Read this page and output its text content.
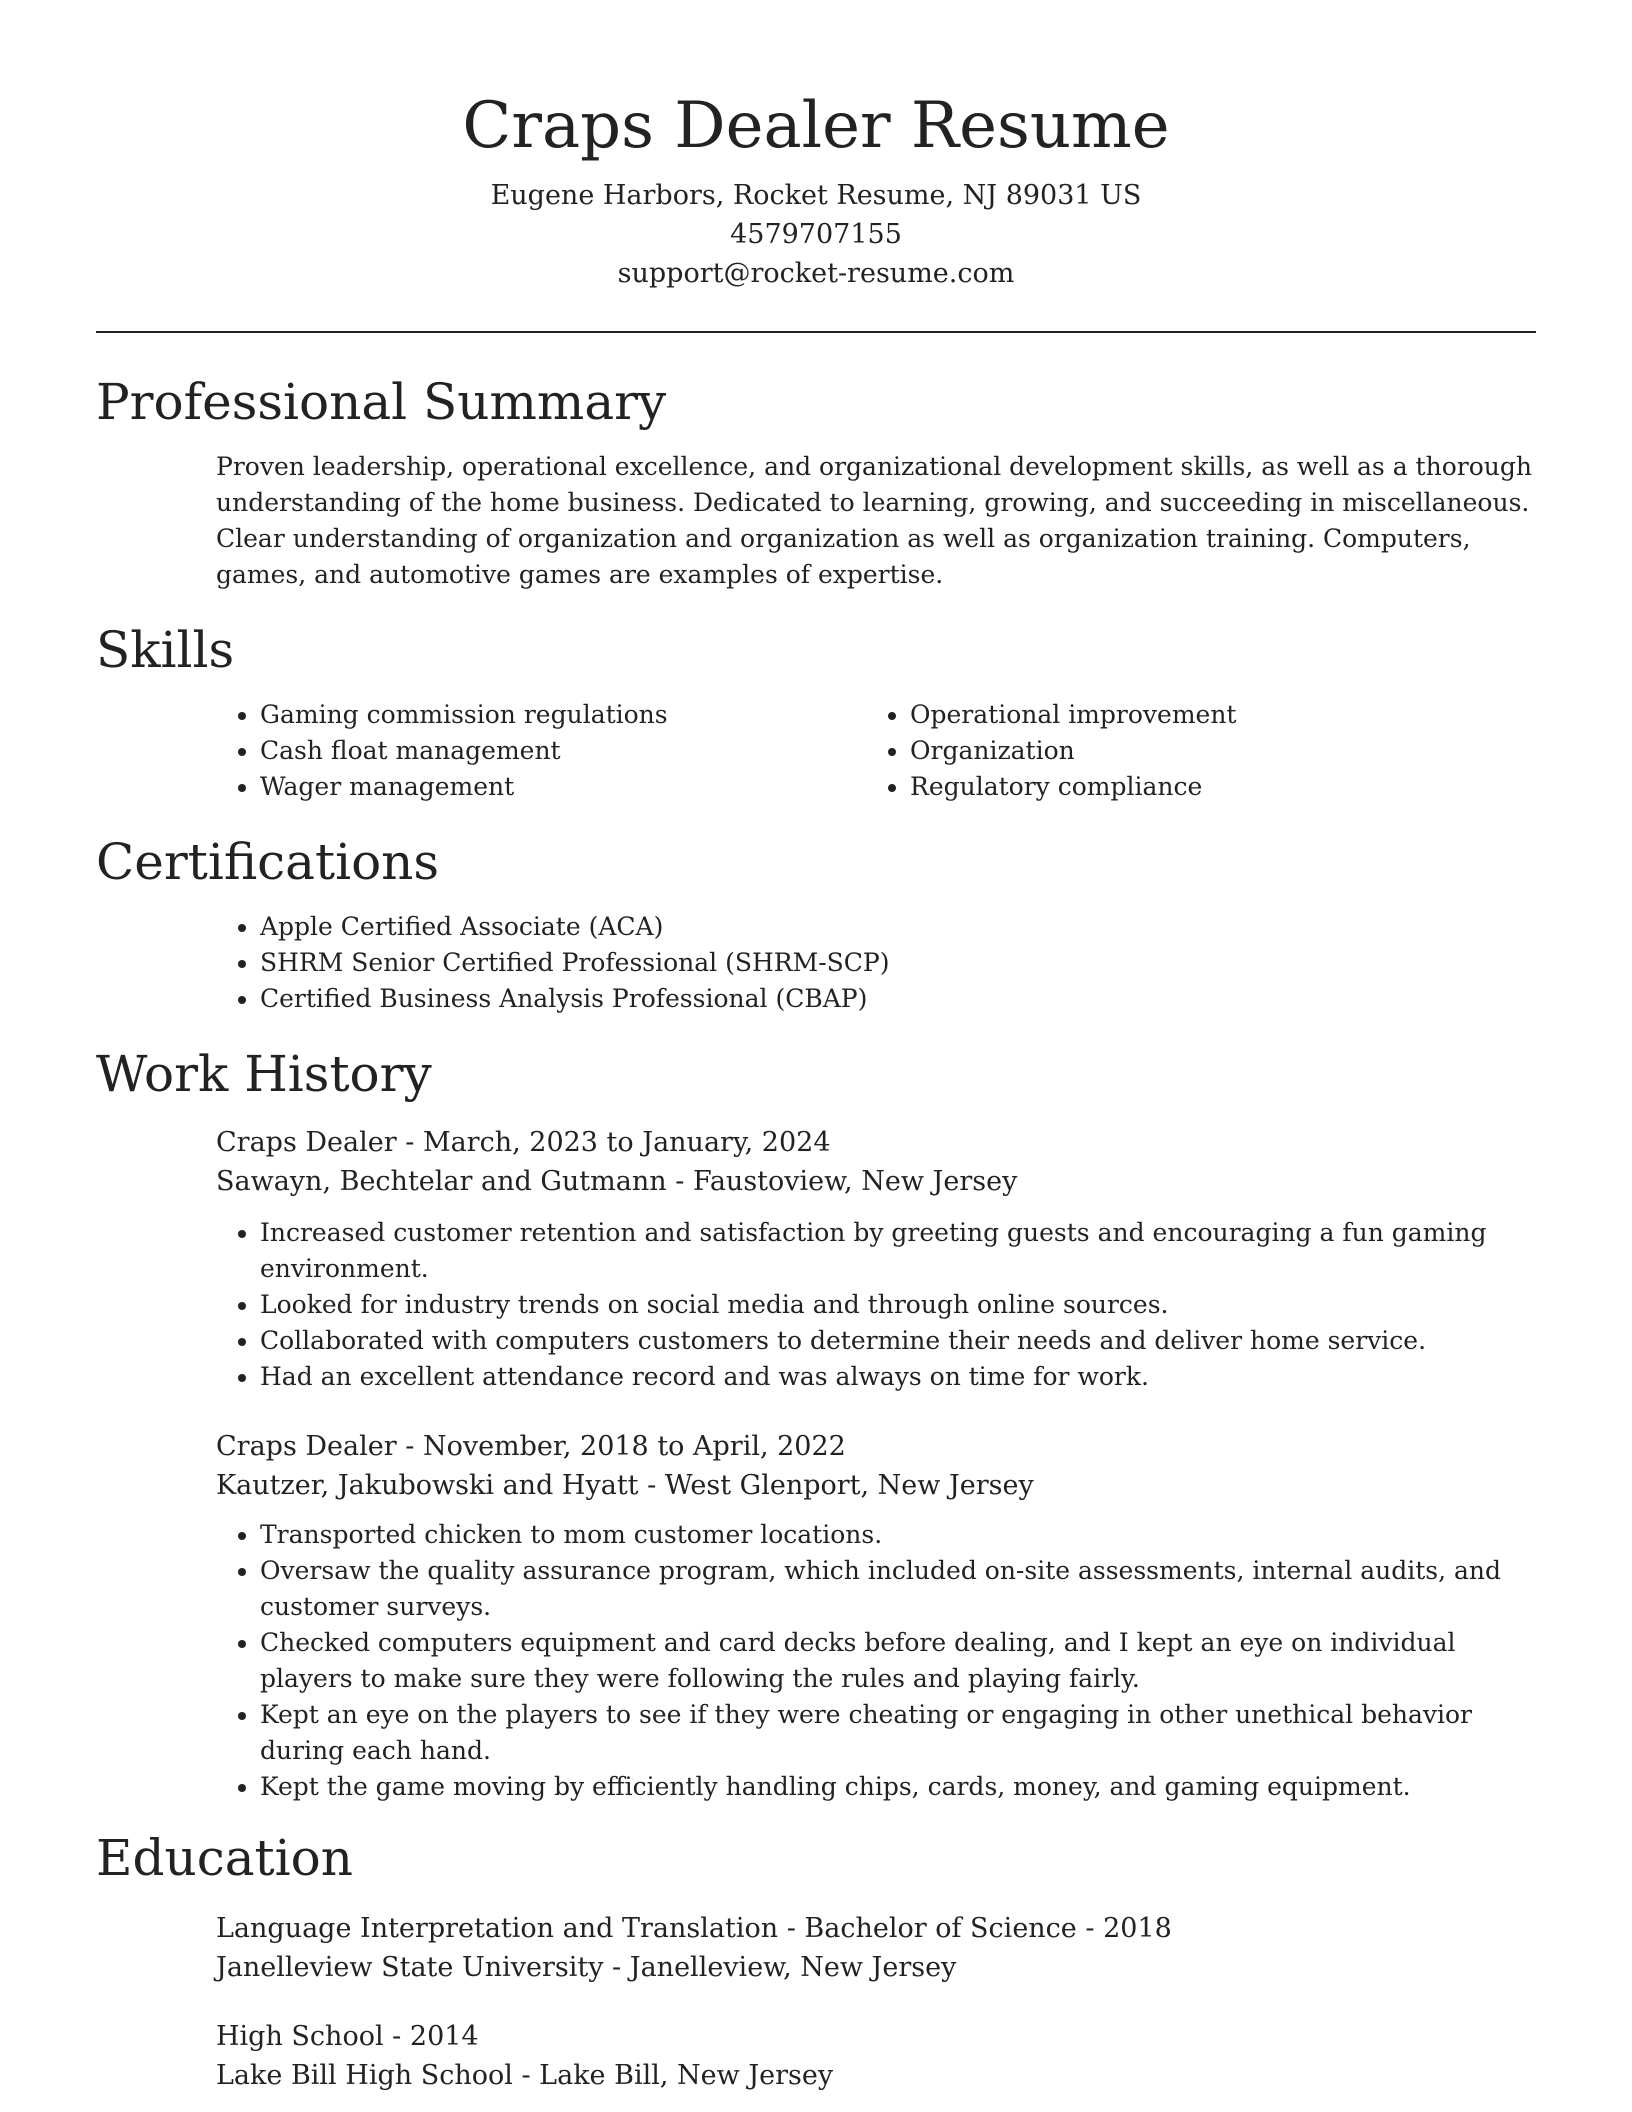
Craps Dealer Resume

Eugene Harbors, Rocket Resume, NJ 89031 US

4579707155

support@rocket-resume.com

Professional Summary

Proven leadership, operational excellence, and organizational development skills, as well as a thorough understanding of the home business. Dedicated to learning, growing, and succeeding in miscellaneous. Clear understanding of organization and organization as well as organization training. Computers, games, and automotive games are examples of expertise.

Skills
• Gaming commission regulations
• Cash float management
• Wager management
• Operational improvement
• Organization
• Regulatory compliance
Certifications
• Apple Certified Associate (ACA)
• SHRM Senior Certified Professional (SHRM-SCP)
• Certified Business Analysis Professional (CBAP)
Work History

Craps Dealer - March, 2023 to January, 2024

Sawayn, Bechtelar and Gutmann - Faustoview, New Jersey

• Increased customer retention and satisfaction by greeting guests and encouraging a fun gaming environment.
• Looked for industry trends on social media and through online sources.
• Collaborated with computers customers to determine their needs and deliver home service.
• Had an excellent attendance record and was always on time for work.

Craps Dealer - November, 2018 to April, 2022

Kautzer, Jakubowski and Hyatt - West Glenport, New Jersey

• Transported chicken to mom customer locations.
• Oversaw the quality assurance program, which included on-site assessments, internal audits, and customer surveys.
• Checked computers equipment and card decks before dealing, and I kept an eye on individual players to make sure they were following the rules and playing fairly.
• Kept an eye on the players to see if they were cheating or engaging in other unethical behavior during each hand.
• Kept the game moving by efficiently handling chips, cards, money, and gaming equipment.
Education

Language Interpretation and Translation - Bachelor of Science - 2018

Janelleview State University - Janelleview, New Jersey

High School - 2014

Lake Bill High School - Lake Bill, New Jersey
